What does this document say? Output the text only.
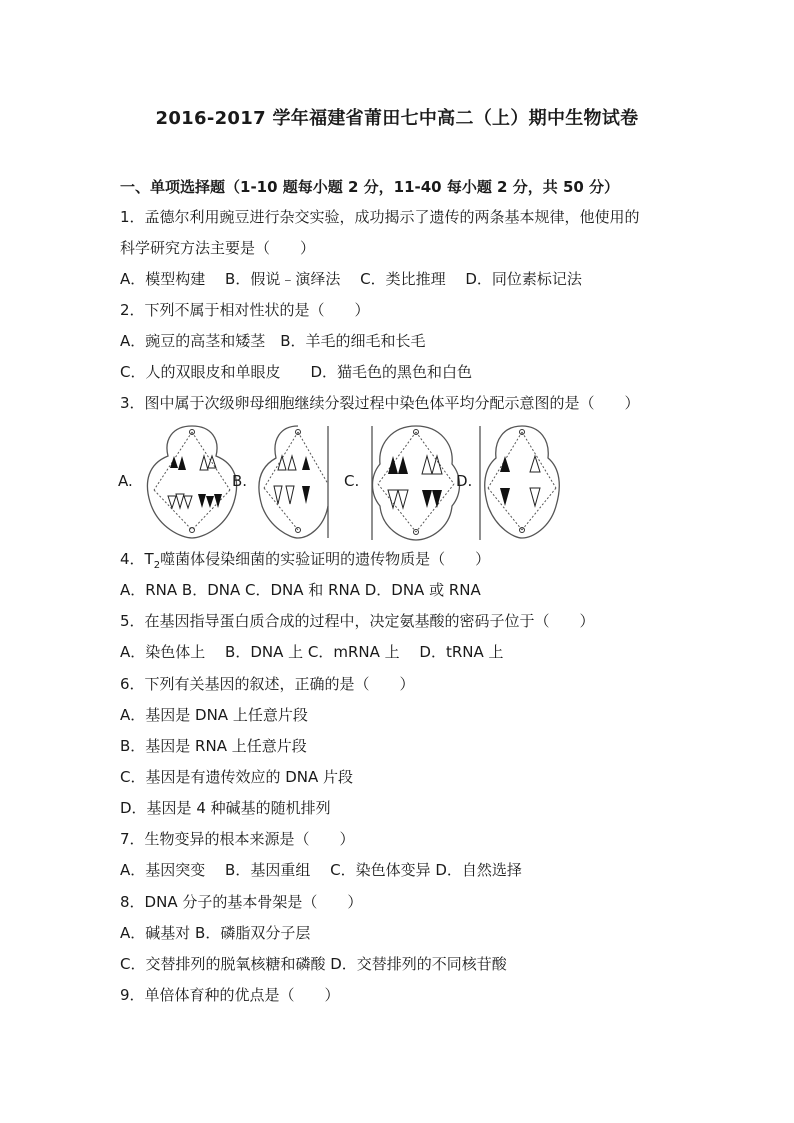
2016-2017 学年福建省莆田七中高二（上）期中生物试卷
一、单项选择题（1-10 题每小题 2 分，11-40 每小题 2 分，共 50 分）
1．孟德尔利用豌豆进行杂交实验，成功揭示了遗传的两条基本规律，他使用的
科学研究方法主要是（　　）
A．模型构建　 B．假说﹣演绎法　 C．类比推理　 D．同位素标记法
2．下列不属于相对性状的是（　　）
A．豌豆的高茎和矮茎　B．羊毛的细毛和长毛
C．人的双眼皮和单眼皮　　D．猫毛色的黑色和白色
3．图中属于次级卵母细胞继续分裂过程中染色体平均分配示意图的是（　　）
A.	B.	C.	D.
4．$T_2$噬菌体侵染细菌的实验证明的遗传物质是（　　）
A．RNA B．DNA C．DNA 和 RNA D．DNA 或 RNA
5．在基因指导蛋白质合成的过程中，决定氨基酸的密码子位于（　　）
A．染色体上　 B．DNA 上 C．mRNA 上　 D．tRNA 上
6．下列有关基因的叙述，正确的是（　　）
A．基因是 DNA 上任意片段
B．基因是 RNA 上任意片段
C．基因是有遗传效应的 DNA 片段
D．基因是 4 种碱基的随机排列
7．生物变异的根本来源是（　　）
A．基因突变　 B．基因重组　 C．染色体变异 D．自然选择
8．DNA 分子的基本骨架是（　　）
A．碱基对 B．磷脂双分子层
C．交替排列的脱氧核糖和磷酸 D．交替排列的不同核苷酸
9．单倍体育种的优点是（　　）
